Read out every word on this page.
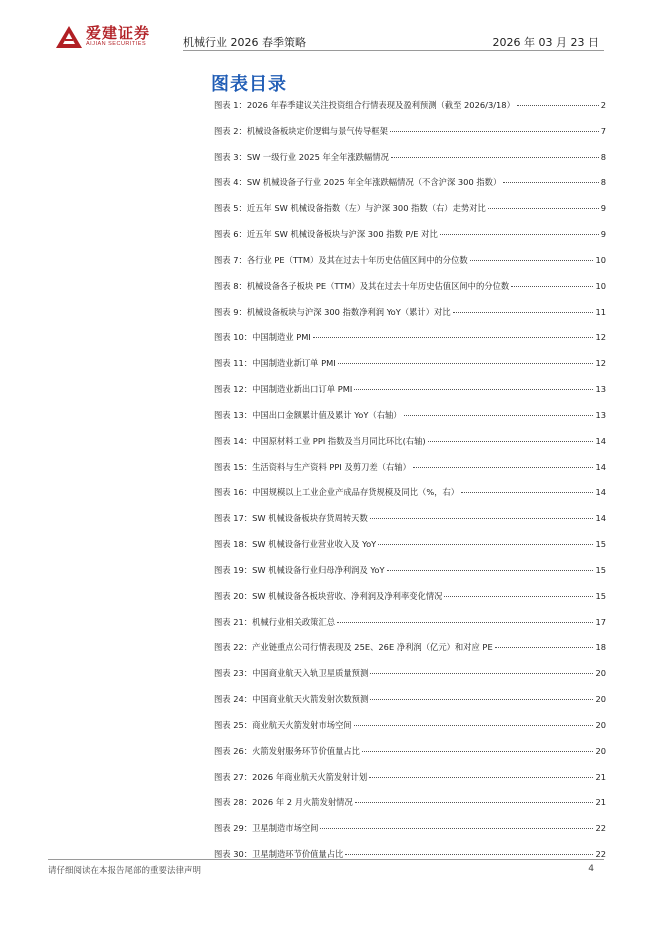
爱建证券
AIJIAN SECURITIES	机械行业 2026 春季策略	2026 年 03 月 23 日
图表目录
图表 1：2026 年春季建议关注投资组合行情表现及盈利预测（截至 2026/3/18）	2
图表 2：机械设备板块定价逻辑与景气传导框架	7
图表 3：SW 一级行业 2025 年全年涨跌幅情况	8
图表 4：SW 机械设备子行业 2025 年全年涨跌幅情况（不含沪深 300 指数）	8
图表 5：近五年 SW 机械设备指数（左）与沪深 300 指数（右）走势对比	9
图表 6：近五年 SW 机械设备板块与沪深 300 指数 P/E 对比	9
图表 7：各行业 PE（TTM）及其在过去十年历史估值区间中的分位数	10
图表 8：机械设备各子板块 PE（TTM）及其在过去十年历史估值区间中的分位数	10
图表 9：机械设备板块与沪深 300 指数净利润 YoY（累计）对比	11
图表 10：中国制造业 PMI	12
图表 11：中国制造业新订单 PMI	12
图表 12：中国制造业新出口订单 PMI	13
图表 13：中国出口金额累计值及累计 YoY（右轴）	13
图表 14：中国原材料工业 PPI 指数及当月同比环比(右轴)	14
图表 15：生活资料与生产资料 PPI 及剪刀差（右轴）	14
图表 16：中国规模以上工业企业产成品存货规模及同比（%，右）	14
图表 17：SW 机械设备板块存货周转天数	14
图表 18：SW 机械设备行业营业收入及 YoY	15
图表 19：SW 机械设备行业归母净利润及 YoY	15
图表 20：SW 机械设备各板块营收、净利润及净利率变化情况	15
图表 21：机械行业相关政策汇总	17
图表 22：产业链重点公司行情表现及 25E、26E 净利润（亿元）和对应 PE	18
图表 23：中国商业航天入轨卫星质量预测	20
图表 24：中国商业航天火箭发射次数预测	20
图表 25：商业航天火箭发射市场空间	20
图表 26：火箭发射服务环节价值量占比	20
图表 27：2026 年商业航天火箭发射计划	21
图表 28：2026 年 2 月火箭发射情况	21
图表 29：卫星制造市场空间	22
图表 30：卫星制造环节价值量占比	22
请仔细阅读在本报告尾部的重要法律声明	4
